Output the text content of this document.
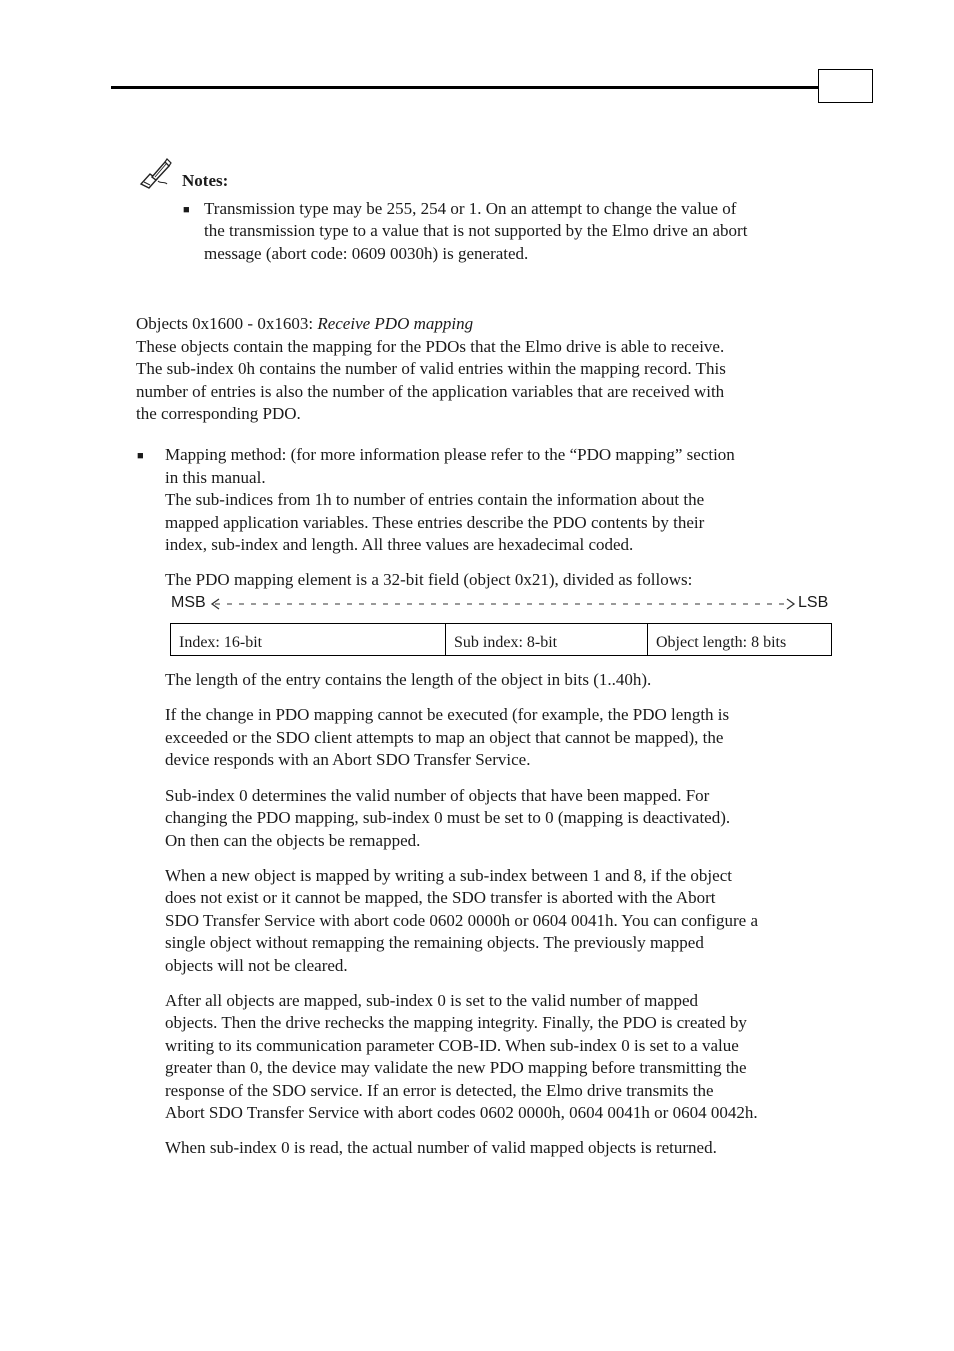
Notes:
■ Transmission type may be 255, 254 or 1. On an attempt to change the value of
the transmission type to a value that is not supported by the Elmo drive an abort
message (abort code: 0609 0030h) is generated.
Objects 0x1600 - 0x1603: Receive PDO mapping
These objects contain the mapping for the PDOs that the Elmo drive is able to receive.
The sub-index 0h contains the number of valid entries within the mapping record. This
number of entries is also the number of the application variables that are received with
the corresponding PDO.
■ Mapping method: (for more information please refer to the “PDO mapping” section
in this manual.
The sub-indices from 1h to number of entries contain the information about the
mapped application variables. These entries describe the PDO contents by their
index, sub-index and length. All three values are hexadecimal coded.
The PDO mapping element is a 32-bit field (object 0x21), divided as follows:
MSB	LSB
Index: 16-bit	Sub index: 8-bit	Object length: 8 bits
The length of the entry contains the length of the object in bits (1..40h).
If the change in PDO mapping cannot be executed (for example, the PDO length is
exceeded or the SDO client attempts to map an object that cannot be mapped), the
device responds with an Abort SDO Transfer Service.
Sub-index 0 determines the valid number of objects that have been mapped. For
changing the PDO mapping, sub-index 0 must be set to 0 (mapping is deactivated).
On then can the objects be remapped.
When a new object is mapped by writing a sub-index between 1 and 8, if the object
does not exist or it cannot be mapped, the SDO transfer is aborted with the Abort
SDO Transfer Service with abort code 0602 0000h or 0604 0041h. You can configure a
single object without remapping the remaining objects. The previously mapped
objects will not be cleared.
After all objects are mapped, sub-index 0 is set to the valid number of mapped
objects. Then the drive rechecks the mapping integrity. Finally, the PDO is created by
writing to its communication parameter COB-ID. When sub-index 0 is set to a value
greater than 0, the device may validate the new PDO mapping before transmitting the
response of the SDO service. If an error is detected, the Elmo drive transmits the
Abort SDO Transfer Service with abort codes 0602 0000h, 0604 0041h or 0604 0042h.
When sub-index 0 is read, the actual number of valid mapped objects is returned.
